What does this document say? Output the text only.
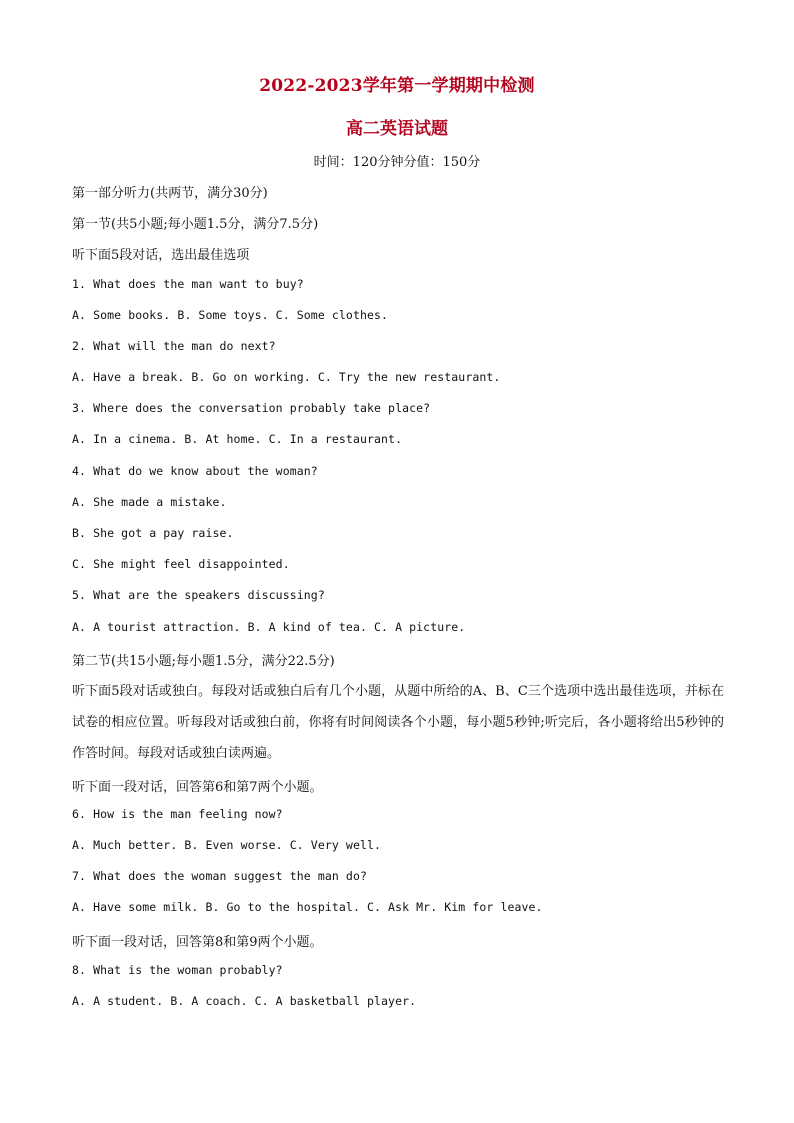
2022-2023学年第一学期期中检测
高二英语试题
时间：120分钟分值：150分
第一部分听力(共两节，满分30分)
第一节(共5小题;每小题1.5分，满分7.5分)
听下面5段对话，选出最佳选项
1. What does the man want to buy?
A. Some books. B. Some toys. C. Some clothes.
2. What will the man do next?
A. Have a break. B. Go on working. C. Try the new restaurant.
3. Where does the conversation probably take place?
A. In a cinema. B. At home. C. In a restaurant.
4. What do we know about the woman?
A. She made a mistake.
B. She got a pay raise.
C. She might feel disappointed.
5. What are the speakers discussing?
A. A tourist attraction. B. A kind of tea. C. A picture.
第二节(共15小题;每小题1.5分，满分22.5分)
听下面5段对话或独白。每段对话或独白后有几个小题，从题中所给的A、B、C三个选项中选出最佳选项，并标在试卷的相应位置。听每段对话或独白前，你将有时间阅读各个小题，每小题5秒钟;听完后，各小题将给出5秒钟的作答时间。每段对话或独白读两遍。
听下面一段对话，回答第6和第7两个小题。
6. How is the man feeling now?
A. Much better. B. Even worse. C. Very well.
7. What does the woman suggest the man do?
A. Have some milk. B. Go to the hospital. C. Ask Mr. Kim for leave.
听下面一段对话，回答第8和第9两个小题。
8. What is the woman probably?
A. A student. B. A coach. C. A basketball player.
